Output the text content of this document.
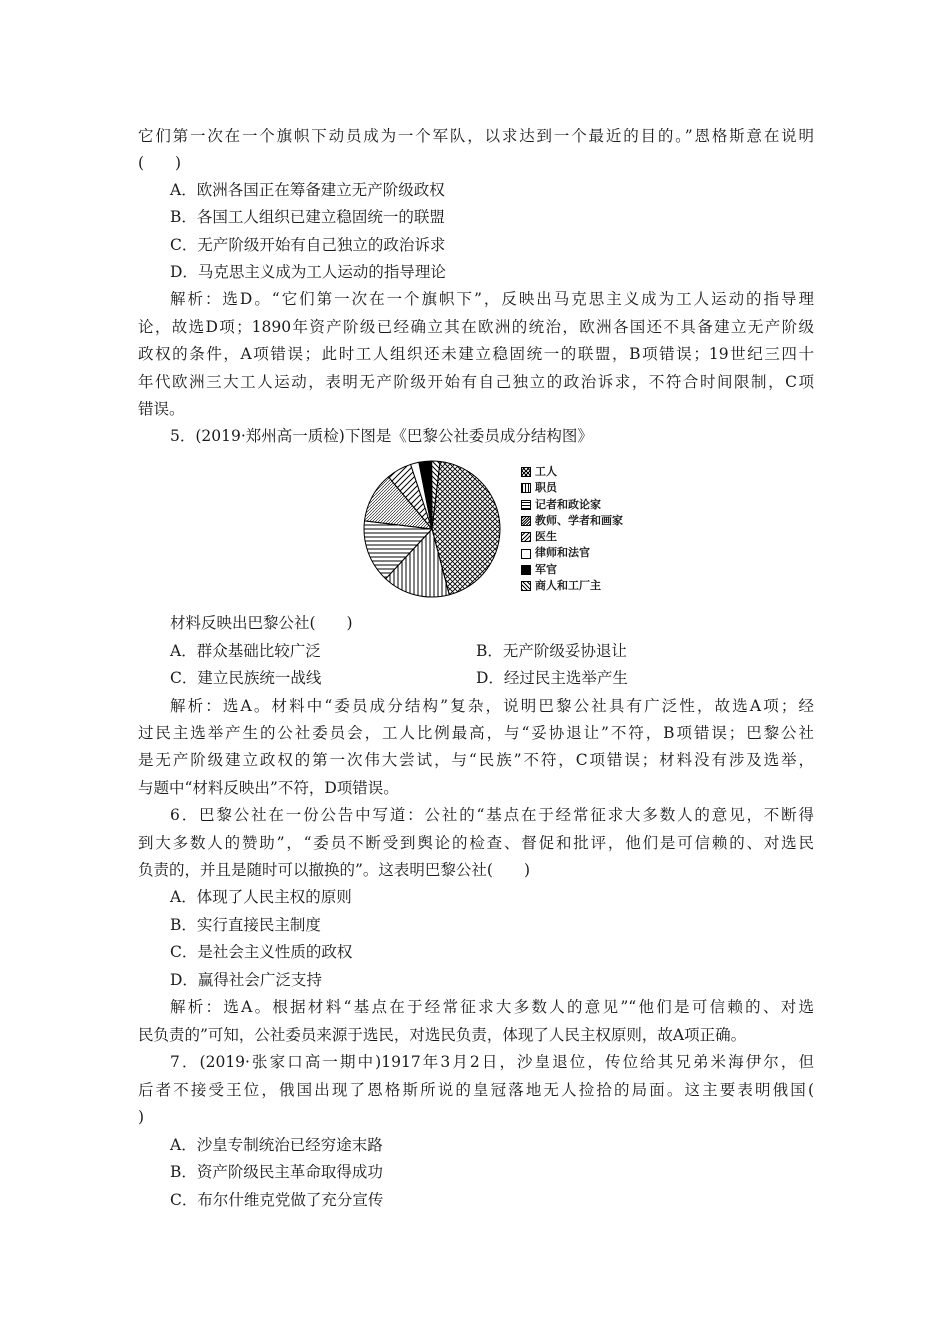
它们第一次在一个旗帜下动员成为一个军队，以求达到一个最近的目的。”恩格斯意在说明
(　　)
A．欧洲各国正在筹备建立无产阶级政权
B．各国工人组织已建立稳固统一的联盟
C．无产阶级开始有自己独立的政治诉求
D．马克思主义成为工人运动的指导理论
解析：选D。“它们第一次在一个旗帜下”，反映出马克思主义成为工人运动的指导理
论，故选D项；1890年资产阶级已经确立其在欧洲的统治，欧洲各国还不具备建立无产阶级
政权的条件，A项错误；此时工人组织还未建立稳固统一的联盟，B项错误；19世纪三四十
年代欧洲三大工人运动，表明无产阶级开始有自己独立的政治诉求，不符合时间限制，C项
错误。
5．(2019·郑州高一质检)下图是《巴黎公社委员成分结构图》
工人
职员
记者和政论家
教师、学者和画家
医生
律师和法官
军官
商人和工厂主
材料反映出巴黎公社(　　)
A．群众基础比较广泛	B．无产阶级妥协退让
C．建立民族统一战线	D．经过民主选举产生
解析：选A。材料中“委员成分结构”复杂，说明巴黎公社具有广泛性，故选A项；经
过民主选举产生的公社委员会，工人比例最高，与“妥协退让”不符，B项错误；巴黎公社
是无产阶级建立政权的第一次伟大尝试，与“民族”不符，C项错误；材料没有涉及选举，
与题中“材料反映出”不符，D项错误。
6．巴黎公社在一份公告中写道：公社的“基点在于经常征求大多数人的意见，不断得
到大多数人的赞助”，“委员不断受到舆论的检查、督促和批评，他们是可信赖的、对选民
负责的，并且是随时可以撤换的”。这表明巴黎公社(　　)
A．体现了人民主权的原则
B．实行直接民主制度
C．是社会主义性质的政权
D．赢得社会广泛支持
解析：选A。根据材料“基点在于经常征求大多数人的意见”“他们是可信赖的、对选
民负责的”可知，公社委员来源于选民，对选民负责，体现了人民主权原则，故A项正确。
7．(2019·张家口高一期中)1917年3月2日，沙皇退位，传位给其兄弟米海伊尔，但
后者不接受王位，俄国出现了恩格斯所说的皇冠落地无人捡拾的局面。这主要表明俄国(
)
A．沙皇专制统治已经穷途末路
B．资产阶级民主革命取得成功
C．布尔什维克党做了充分宣传
